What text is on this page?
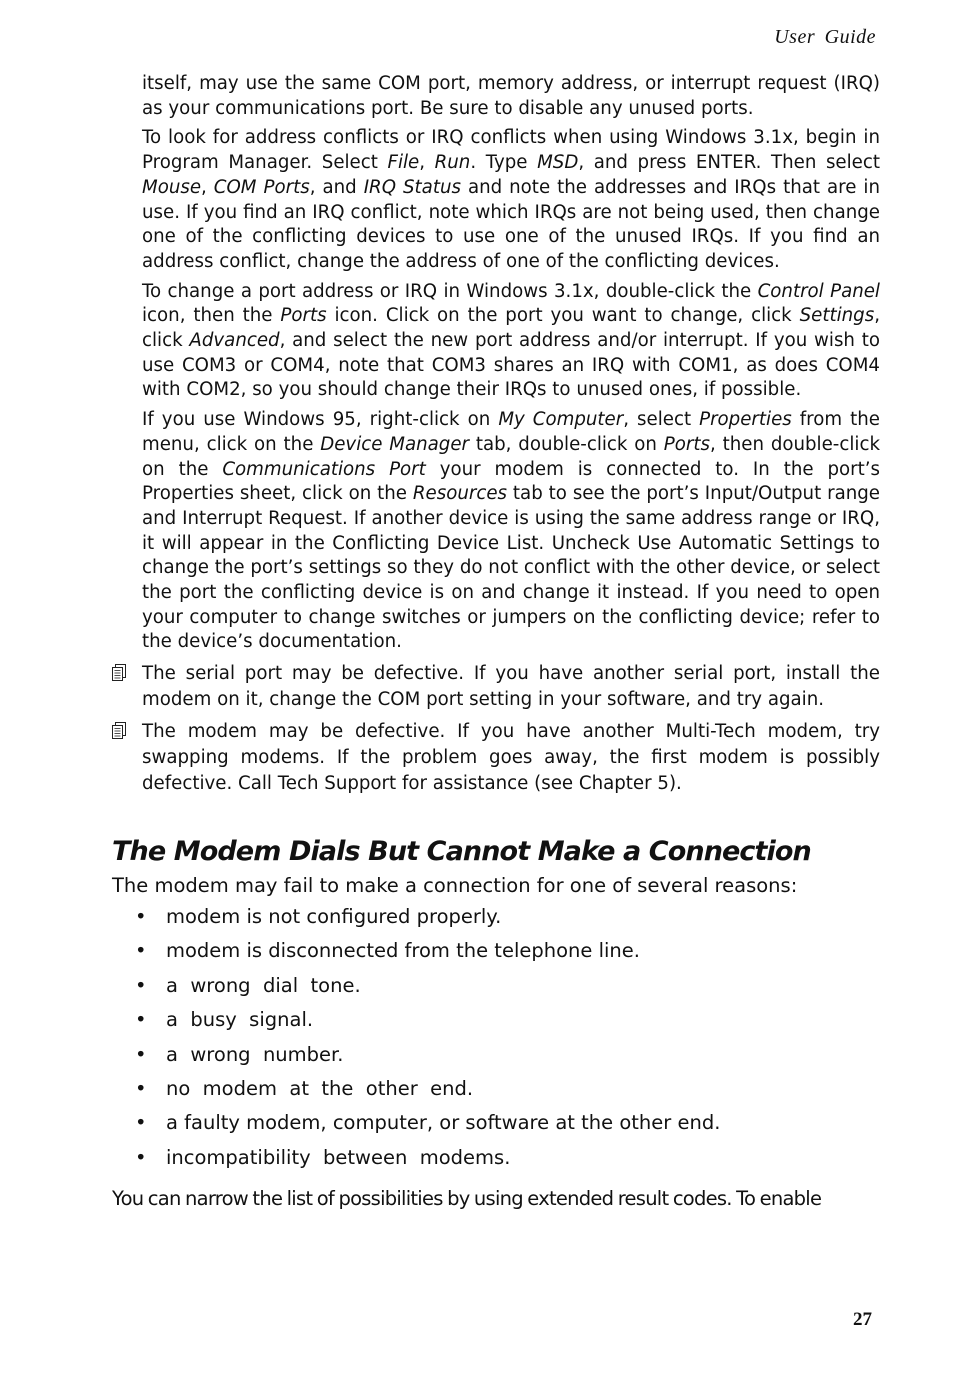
User Guide

itself, may use the same COM port, memory address, or interrupt request (IRQ) as your communications port. Be sure to disable any unused ports.

To look for address conflicts or IRQ conflicts when using Windows 3.1x, begin in Program Manager. Select File, Run. Type MSD, and press ENTER. Then select Mouse, COM Ports, and IRQ Status and note the addresses and IRQs that are in use. If you find an IRQ conflict, note which IRQs are not being used, then change one of the conflicting devices to use one of the unused IRQs. If you find an address conflict, change the address of one of the conflicting devices.

To change a port address or IRQ in Windows 3.1x, double-click the Control Panel icon, then the Ports icon. Click on the port you want to change, click Settings, click Advanced, and select the new port address and/or interrupt. If you wish to use COM3 or COM4, note that COM3 shares an IRQ with COM1, as does COM4 with COM2, so you should change their IRQs to unused ones, if possible.

If you use Windows 95, right-click on My Computer, select Properties from the menu, click on the Device Manager tab, double-click on Ports, then double-click on the Communications Port your modem is connected to. In the port’s Properties sheet, click on the Resources tab to see the port’s Input/Output range and Interrupt Request. If another device is using the same address range or IRQ, it will appear in the Conflicting Device List. Uncheck Use Automatic Settings to change the port’s settings so they do not conflict with the other device, or select the port the conflicting device is on and change it instead. If you need to open your computer to change switches or jumpers on the conflicting device; refer to the device’s documentation.

The serial port may be defective. If you have another serial port, install the modem on it, change the COM port setting in your software, and try again.

The modem may be defective. If you have another Multi-Tech modem, try swapping modems. If the problem goes away, the first modem is possibly defective. Call Tech Support for assistance (see Chapter 5).

The Modem Dials But Cannot Make a Connection

The modem may fail to make a connection for one of several reasons:

• modem is not configured properly.
• modem is disconnected from the telephone line.
• a  wrong  dial  tone.
• a  busy  signal.
• a  wrong  number.
• no  modem  at  the  other  end.
• a faulty modem, computer, or software at the other end.
• incompatibility  between  modems.

You can narrow the list of possibilities by using extended result codes. To enable

27
